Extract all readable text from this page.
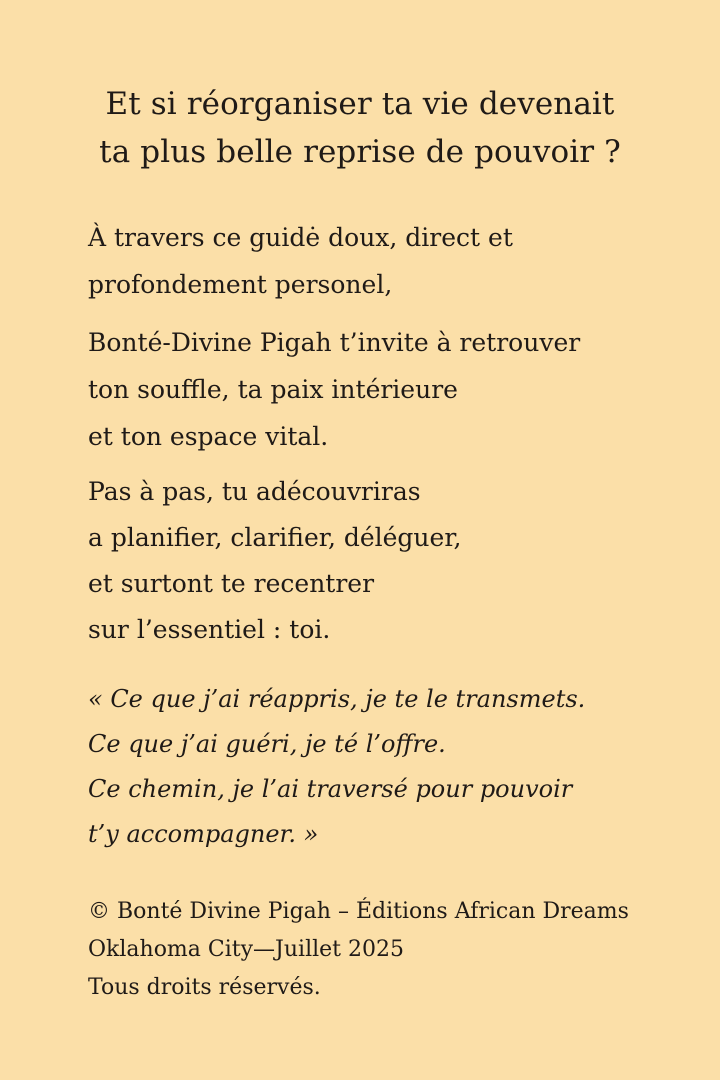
Et si réorganiser ta vie devenait
ta plus belle reprise de pouvoir ?

À travers ce guidė doux, direct et
profondement personel,

Bonté-Divine Pigah t’invite à retrouver
ton souffle, ta paix intérieure
et ton espace vital.

Pas à pas, tu adécouvriras
a planifier, clarifier, déléguer,
et surtont te recentrer
sur l’essentiel : toi.

« Ce que j’ai réappris, je te le transmets.
Ce que j’ai guéri, je té l’offre.
Ce chemin, je l’ai traversé pour pouvoir
t’y accompagner. »
© Bonté Divine Pigah – Éditions African Dreams
Oklahoma City—Juillet 2025
Tous droits réservés.
